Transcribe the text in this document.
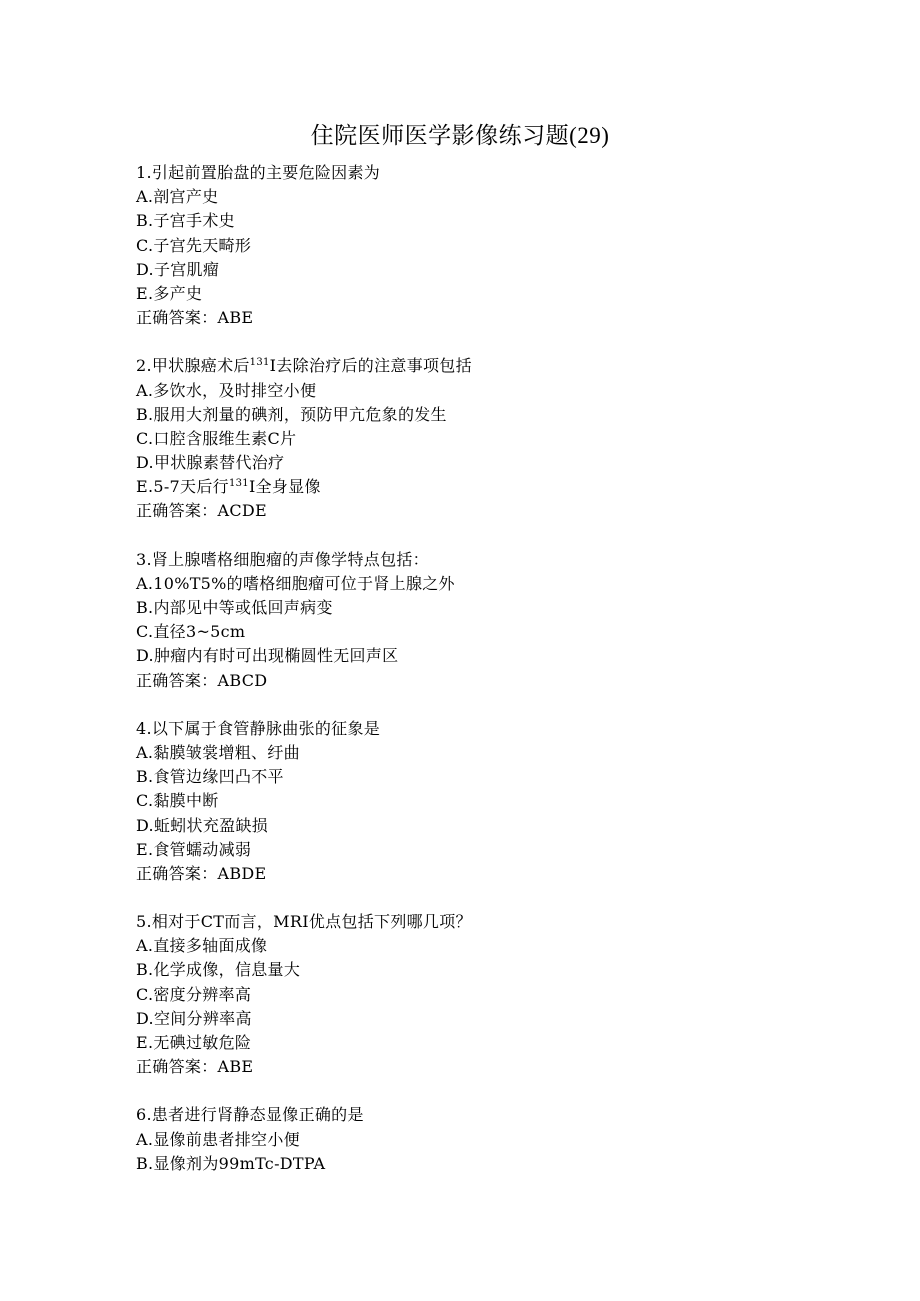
住院医师医学影像练习题(29)
1.引起前置胎盘的主要危险因素为
A.剖宫产史
B.子宫手术史
C.子宫先天畸形
D.子宫肌瘤
E.多产史
正确答案：ABE
2.甲状腺癌术后$^{131}$I去除治疗后的注意事项包括
A.多饮水，及时排空小便
B.服用大剂量的碘剂，预防甲亢危象的发生
C.口腔含服维生素C片
D.甲状腺素替代治疗
E.5-7天后行$^{131}$I全身显像
正确答案：ACDE
3.肾上腺嗜格细胞瘤的声像学特点包括：
A.10%T5%的嗜格细胞瘤可位于肾上腺之外
B.内部见中等或低回声病变
C.直径3~5cm
D.肿瘤内有时可出现椭圆性无回声区
正确答案：ABCD
4.以下属于食管静脉曲张的征象是
A.黏膜皱裳增粗、纡曲
B.食管边缘凹凸不平
C.黏膜中断
D.蚯蚓状充盈缺损
E.食管蠕动减弱
正确答案：ABDE
5.相对于CT而言，MRI优点包括下列哪几项？
A.直接多轴面成像
B.化学成像，信息量大
C.密度分辨率高
D.空间分辨率高
E.无碘过敏危险
正确答案：ABE
6.患者进行肾静态显像正确的是
A.显像前患者排空小便
B.显像剂为99mTc-DTPA
